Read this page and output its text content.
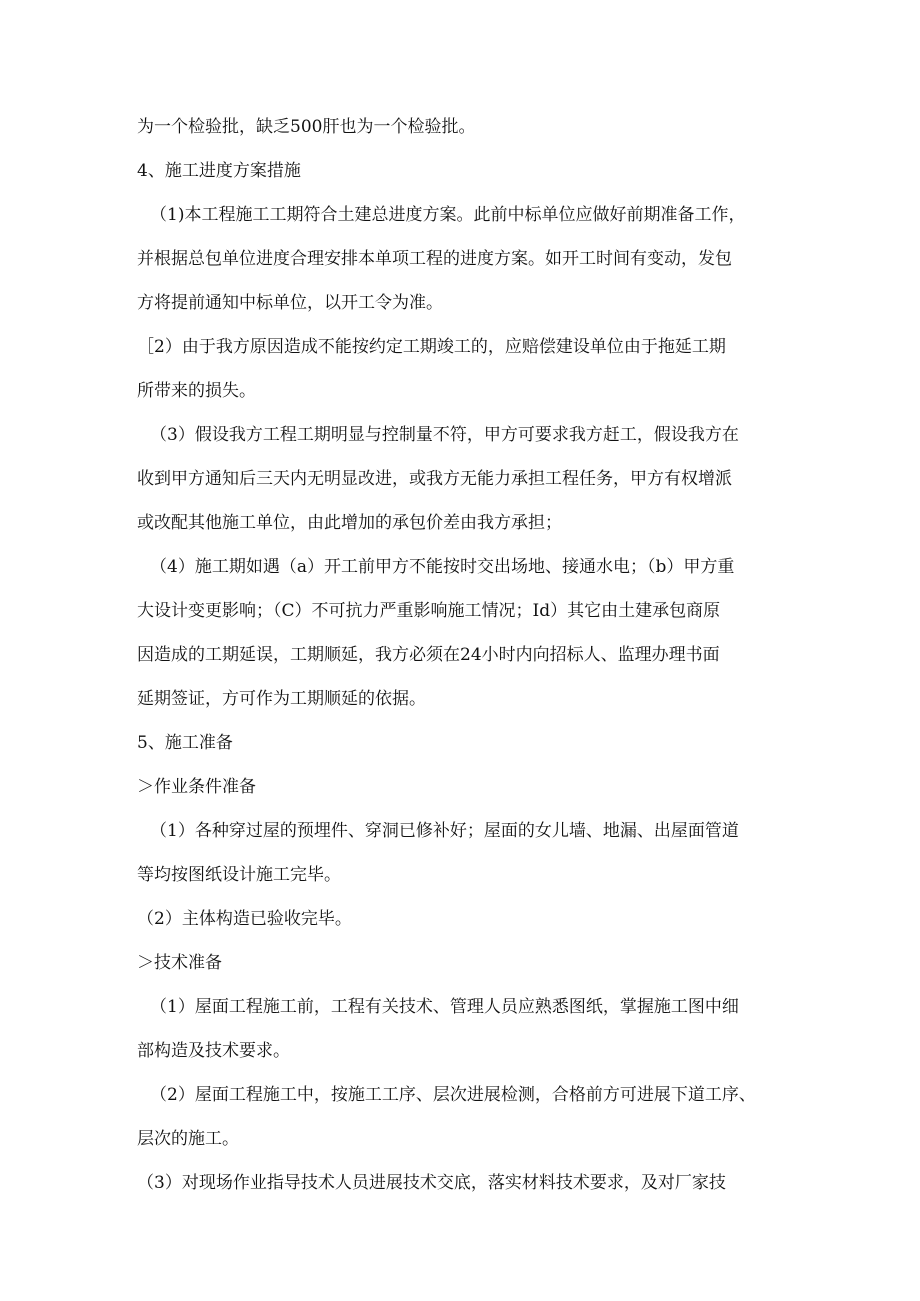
为一个检验批，缺乏500肝也为一个检验批。
4、施工进度方案措施
（1)本工程施工工期符合土建总进度方案。此前中标单位应做好前期准备工作，
并根据总包单位进度合理安排本单项工程的进度方案。如开工时间有变动，发包
方将提前通知中标单位，以开工令为准。
［2）由于我方原因造成不能按约定工期竣工的，应赔偿建设单位由于拖延工期
所带来的损失。
（3）假设我方工程工期明显与控制量不符，甲方可要求我方赶工，假设我方在
收到甲方通知后三天内无明显改进，或我方无能力承担工程任务，甲方有权增派
或改配其他施工单位，由此增加的承包价差由我方承担；
（4）施工期如遇（a）开工前甲方不能按时交出场地、接通水电；（b）甲方重
大设计变更影响；（C）不可抗力严重影响施工情况；Id）其它由土建承包商原
因造成的工期延误，工期顺延，我方必须在24小时内向招标人、监理办理书面
延期签证，方可作为工期顺延的依据。
5、施工准备
＞作业条件准备
（1）各种穿过屋的预埋件、穿洞已修补好；屋面的女儿墙、地漏、出屋面管道
等均按图纸设计施工完毕。
（2）主体构造已验收完毕。
＞技术准备
（1）屋面工程施工前，工程有关技术、管理人员应熟悉图纸，掌握施工图中细
部构造及技术要求。
（2）屋面工程施工中，按施工工序、层次进展检测，合格前方可进展下道工序、
层次的施工。
（3）对现场作业指导技术人员进展技术交底，落实材料技术要求，及对厂家技
